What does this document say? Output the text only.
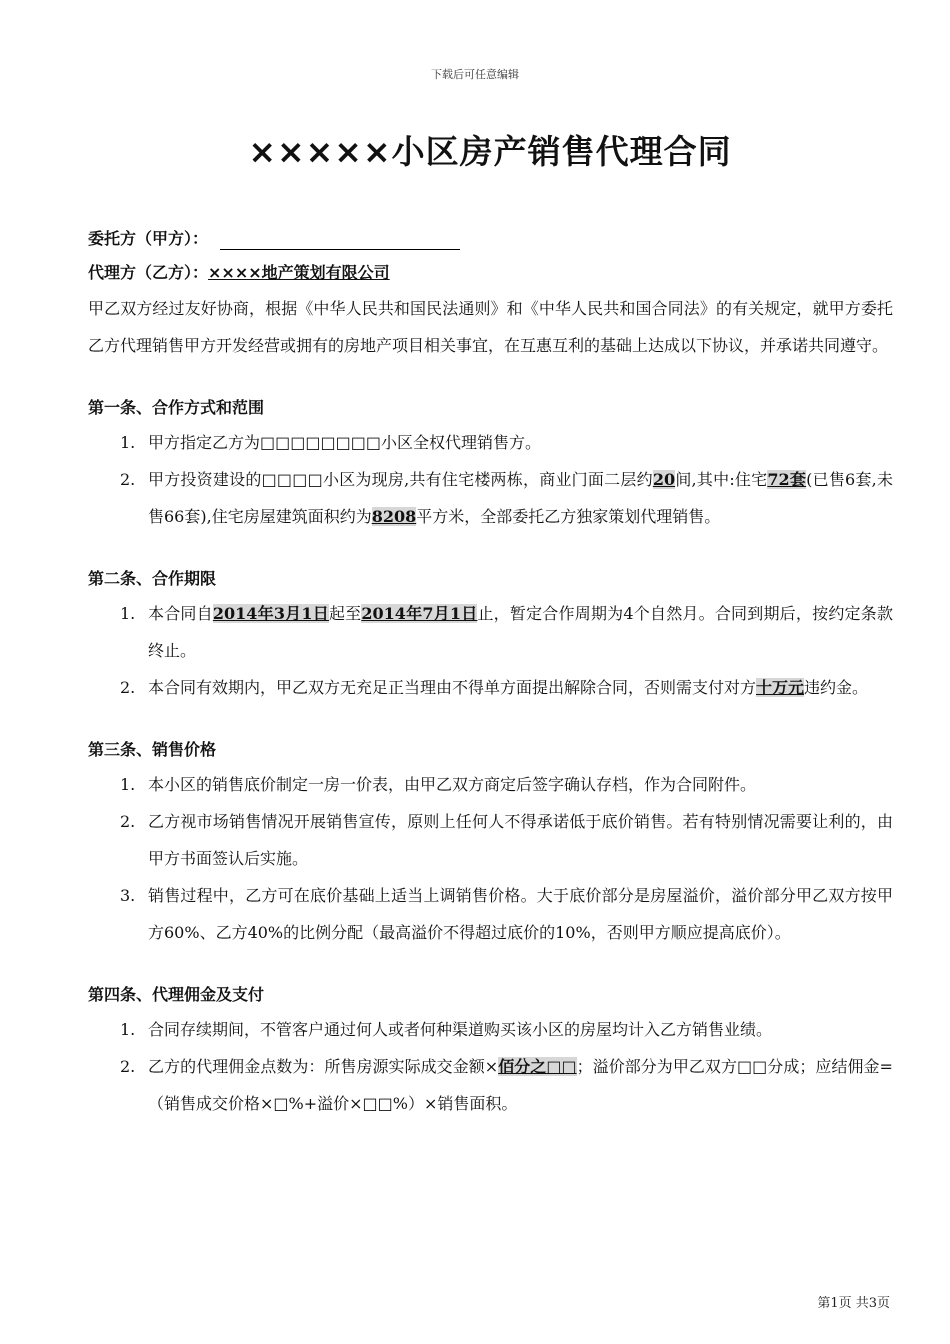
下载后可任意编辑
×××××小区房产销售代理合同
委托方（甲方）：
代理方（乙方）：××××地产策划有限公司

甲乙双方经过友好协商，根据《中华人民共和国民法通则》和《中华人民共和国合同法》的有关规定，就甲方委托乙方代理销售甲方开发经营或拥有的房地产项目相关事宜，在互惠互利的基础上达成以下协议，并承诺共同遵守。

第一条、合作方式和范围
1. 甲方指定乙方为□□□□□□□□小区全权代理销售方。
2. 甲方投资建设的□□□□小区为现房,共有住宅楼两栋，商业门面二层约20间,其中:住宅72套(已售6套,未售66套),住宅房屋建筑面积约为8208平方米，全部委托乙方独家策划代理销售。
第二条、合作期限
1. 本合同自2014年3月1日起至2014年7月1日止，暂定合作周期为4个自然月。合同到期后，按约定条款终止。
2. 本合同有效期内，甲乙双方无充足正当理由不得单方面提出解除合同，否则需支付对方十万元违约金。
第三条、销售价格
1. 本小区的销售底价制定一房一价表，由甲乙双方商定后签字确认存档，作为合同附件。
2. 乙方视市场销售情况开展销售宣传，原则上任何人不得承诺低于底价销售。若有特别情况需要让利的，由甲方书面签认后实施。
3. 销售过程中，乙方可在底价基础上适当上调销售价格。大于底价部分是房屋溢价，溢价部分甲乙双方按甲方60%、乙方40%的比例分配（最高溢价不得超过底价的10%，否则甲方顺应提高底价）。
第四条、代理佣金及支付
1. 合同存续期间，不管客户通过何人或者何种渠道购买该小区的房屋均计入乙方销售业绩。
2. 乙方的代理佣金点数为：所售房源实际成交金额×佰分之□□；溢价部分为甲乙双方□□分成；应结佣金=（销售成交价格×□%+溢价×□□%）×销售面积。
第1页 共3页
